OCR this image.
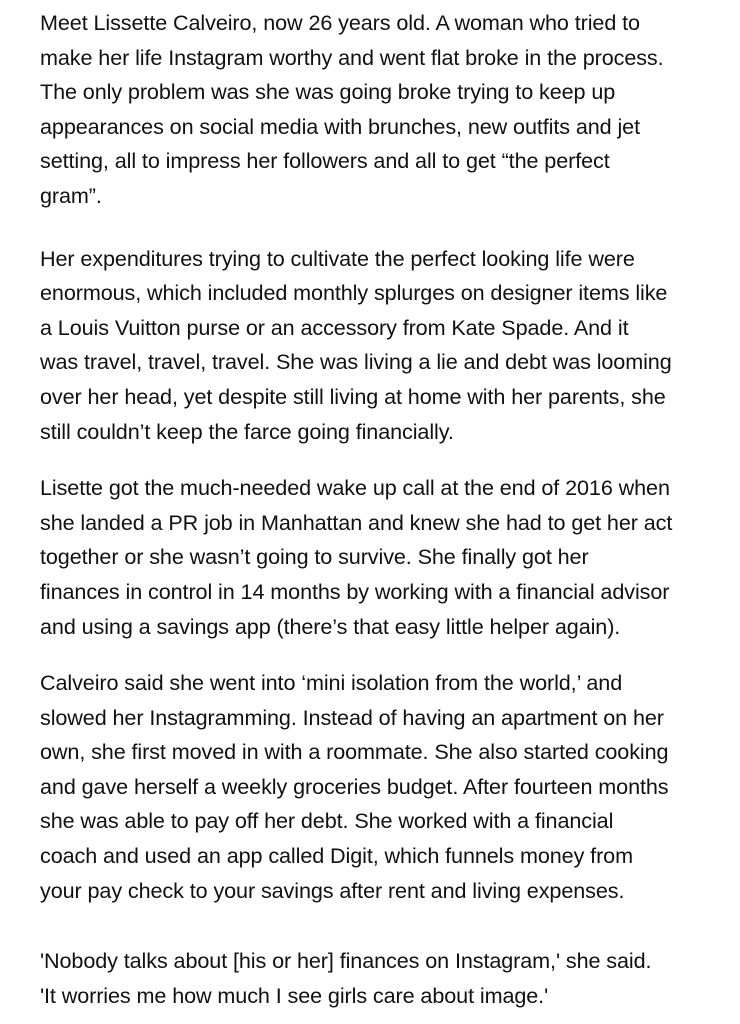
Meet Lissette Calveiro, now 26 years old. A woman who tried to
make her life Instagram worthy and went flat broke in the process.
The only problem was she was going broke trying to keep up
appearances on social media with brunches, new outfits and jet
setting, all to impress her followers and all to get “the perfect
gram”.

Her expenditures trying to cultivate the perfect looking life were
enormous, which included monthly splurges on designer items like
a Louis Vuitton purse or an accessory from Kate Spade. And it
was travel, travel, travel. She was living a lie and debt was looming
over her head, yet despite still living at home with her parents, she
still couldn’t keep the farce going financially.

Lisette got the much-needed wake up call at the end of 2016 when
she landed a PR job in Manhattan and knew she had to get her act
together or she wasn’t going to survive. She finally got her
finances in control in 14 months by working with a financial advisor
and using a savings app (there’s that easy little helper again).

Calveiro said she went into ‘mini isolation from the world,’ and
slowed her Instagramming. Instead of having an apartment on her
own, she first moved in with a roommate. She also started cooking
and gave herself a weekly groceries budget. After fourteen months
she was able to pay off her debt. She worked with a financial
coach and used an app called Digit, which funnels money from
your pay check to your savings after rent and living expenses.

'Nobody talks about [his or her] finances on Instagram,' she said.
'It worries me how much I see girls care about image.'
